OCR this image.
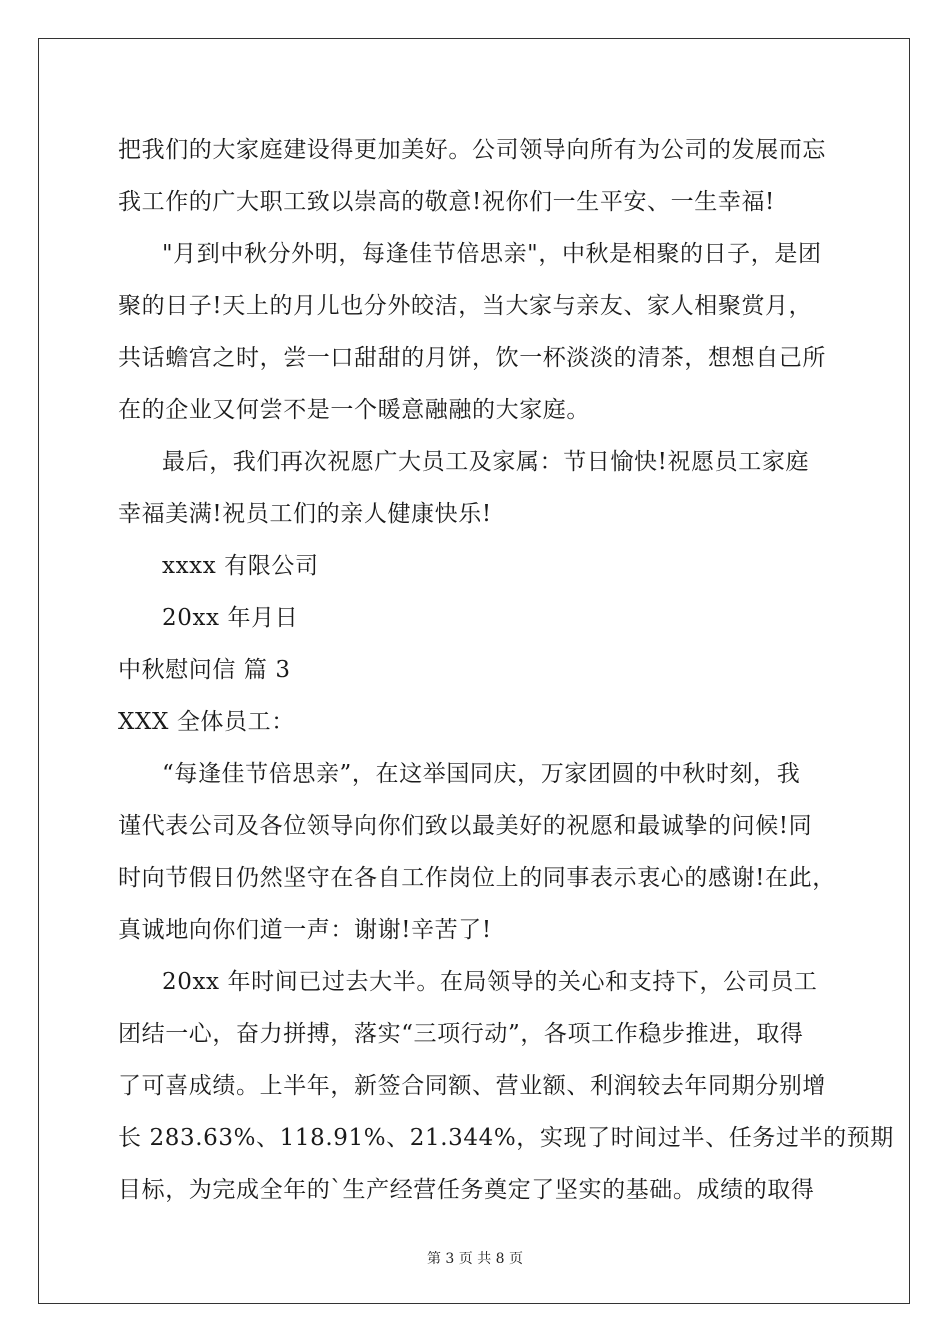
把我们的大家庭建设得更加美好。公司领导向所有为公司的发展而忘
我工作的广大职工致以崇高的敬意!祝你们一生平安、一生幸福!
"月到中秋分外明，每逢佳节倍思亲"，中秋是相聚的日子，是团
聚的日子!天上的月儿也分外皎洁，当大家与亲友、家人相聚赏月，
共话蟾宫之时，尝一口甜甜的月饼，饮一杯淡淡的清茶，想想自己所
在的企业又何尝不是一个暖意融融的大家庭。
最后，我们再次祝愿广大员工及家属：节日愉快!祝愿员工家庭
幸福美满!祝员工们的亲人健康快乐!
xxxx 有限公司
20xx 年月日
中秋慰问信 篇 3
XXX 全体员工：
“每逢佳节倍思亲”，在这举国同庆，万家团圆的中秋时刻，我
谨代表公司及各位领导向你们致以最美好的祝愿和最诚挚的问候!同
时向节假日仍然坚守在各自工作岗位上的同事表示衷心的感谢!在此，
真诚地向你们道一声：谢谢!辛苦了!
20xx 年时间已过去大半。在局领导的关心和支持下，公司员工
团结一心，奋力拼搏，落实“三项行动”，各项工作稳步推进，取得
了可喜成绩。上半年，新签合同额、营业额、利润较去年同期分别增
长 283.63%、118.91%、21.344%，实现了时间过半、任务过半的预期
目标，为完成全年的`生产经营任务奠定了坚实的基础。成绩的取得
第 3 页 共 8 页
